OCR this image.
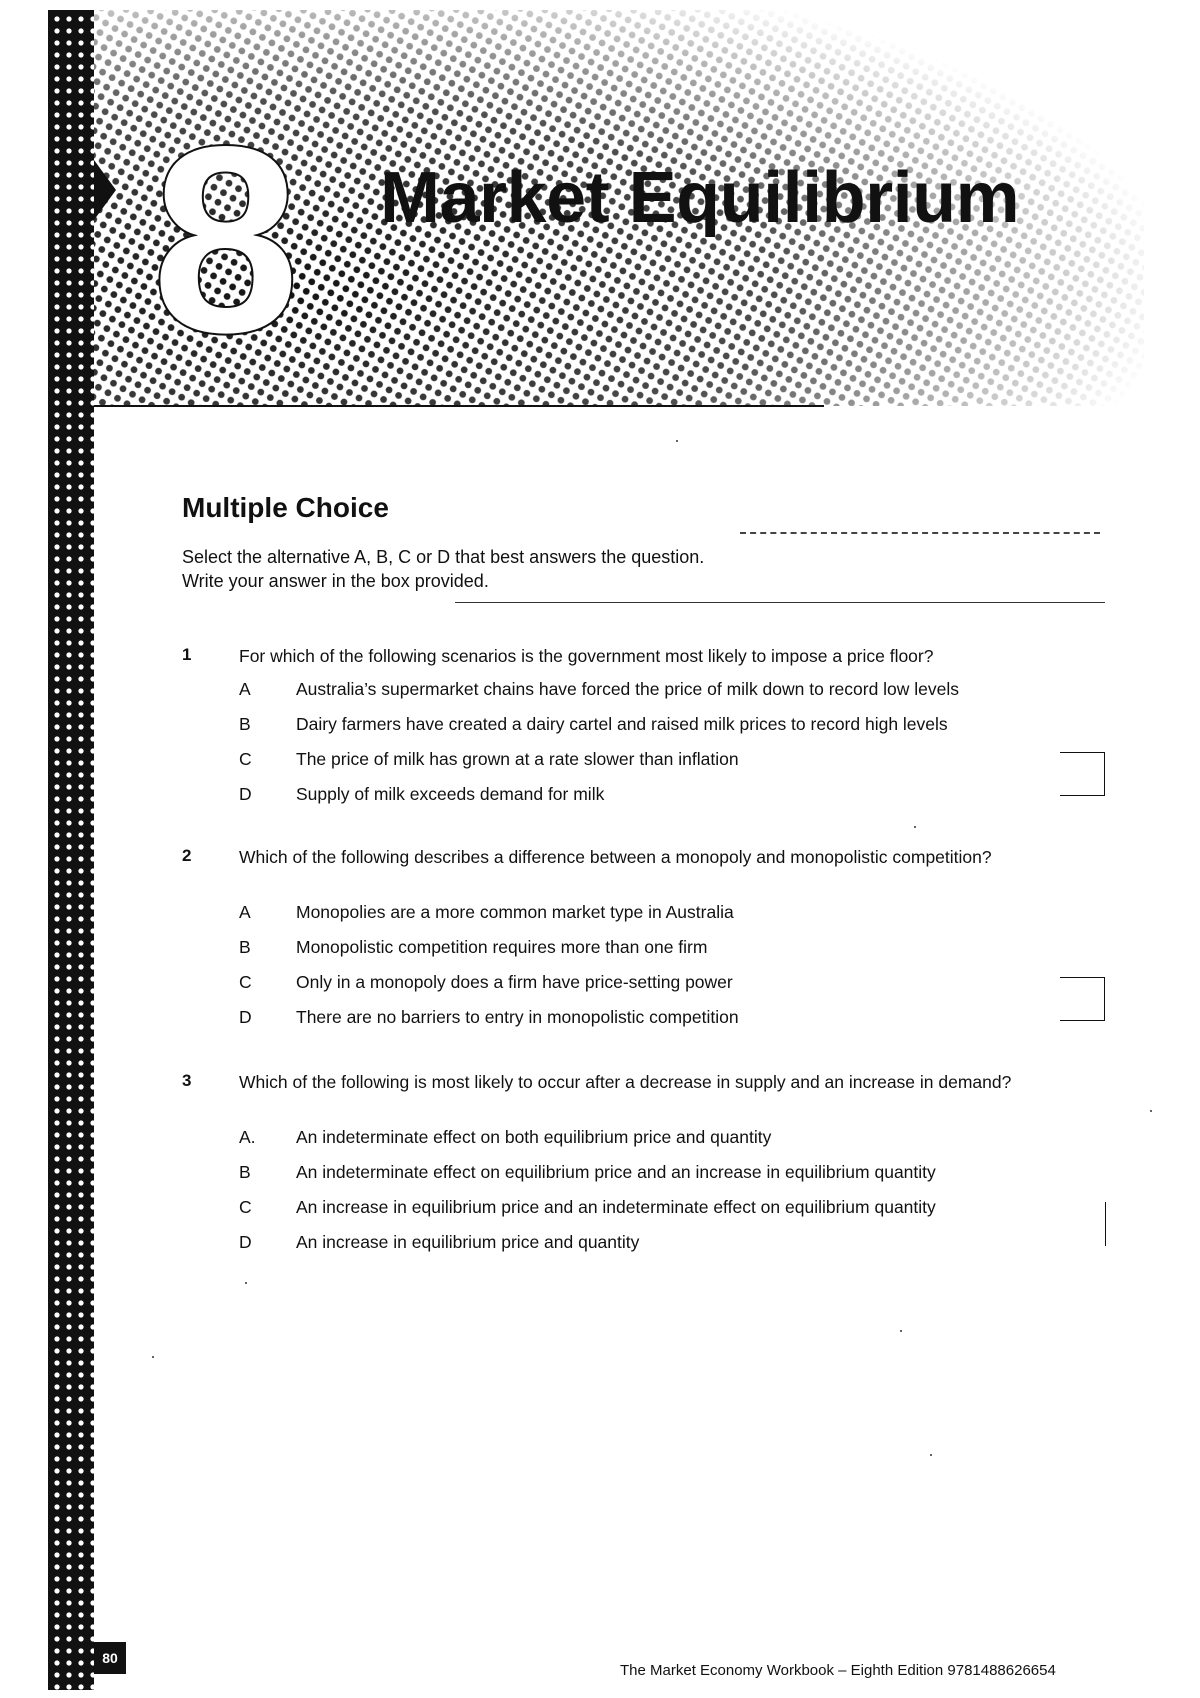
8 Market Equilibrium
Multiple Choice
Select the alternative A, B, C or D that best answers the question.
Write your answer in the box provided.
1	For which of the following scenarios is the government most likely to impose a price floor?
A	Australia’s supermarket chains have forced the price of milk down to record low levels
B	Dairy farmers have created a dairy cartel and raised milk prices to record high levels
C	The price of milk has grown at a rate slower than inflation
D	Supply of milk exceeds demand for milk
2	Which of the following describes a difference between a monopoly and monopolistic competition?
A	Monopolies are a more common market type in Australia
B	Monopolistic competition requires more than one firm
C	Only in a monopoly does a firm have price-setting power
D	There are no barriers to entry in monopolistic competition
3	Which of the following is most likely to occur after a decrease in supply and an increase in demand?
A.	An indeterminate effect on both equilibrium price and quantity
B	An indeterminate effect on equilibrium price and an increase in equilibrium quantity
C	An increase in equilibrium price and an indeterminate effect on equilibrium quantity
D	An increase in equilibrium price and quantity
80
The Market Economy Workbook – Eighth Edition 9781488626654
